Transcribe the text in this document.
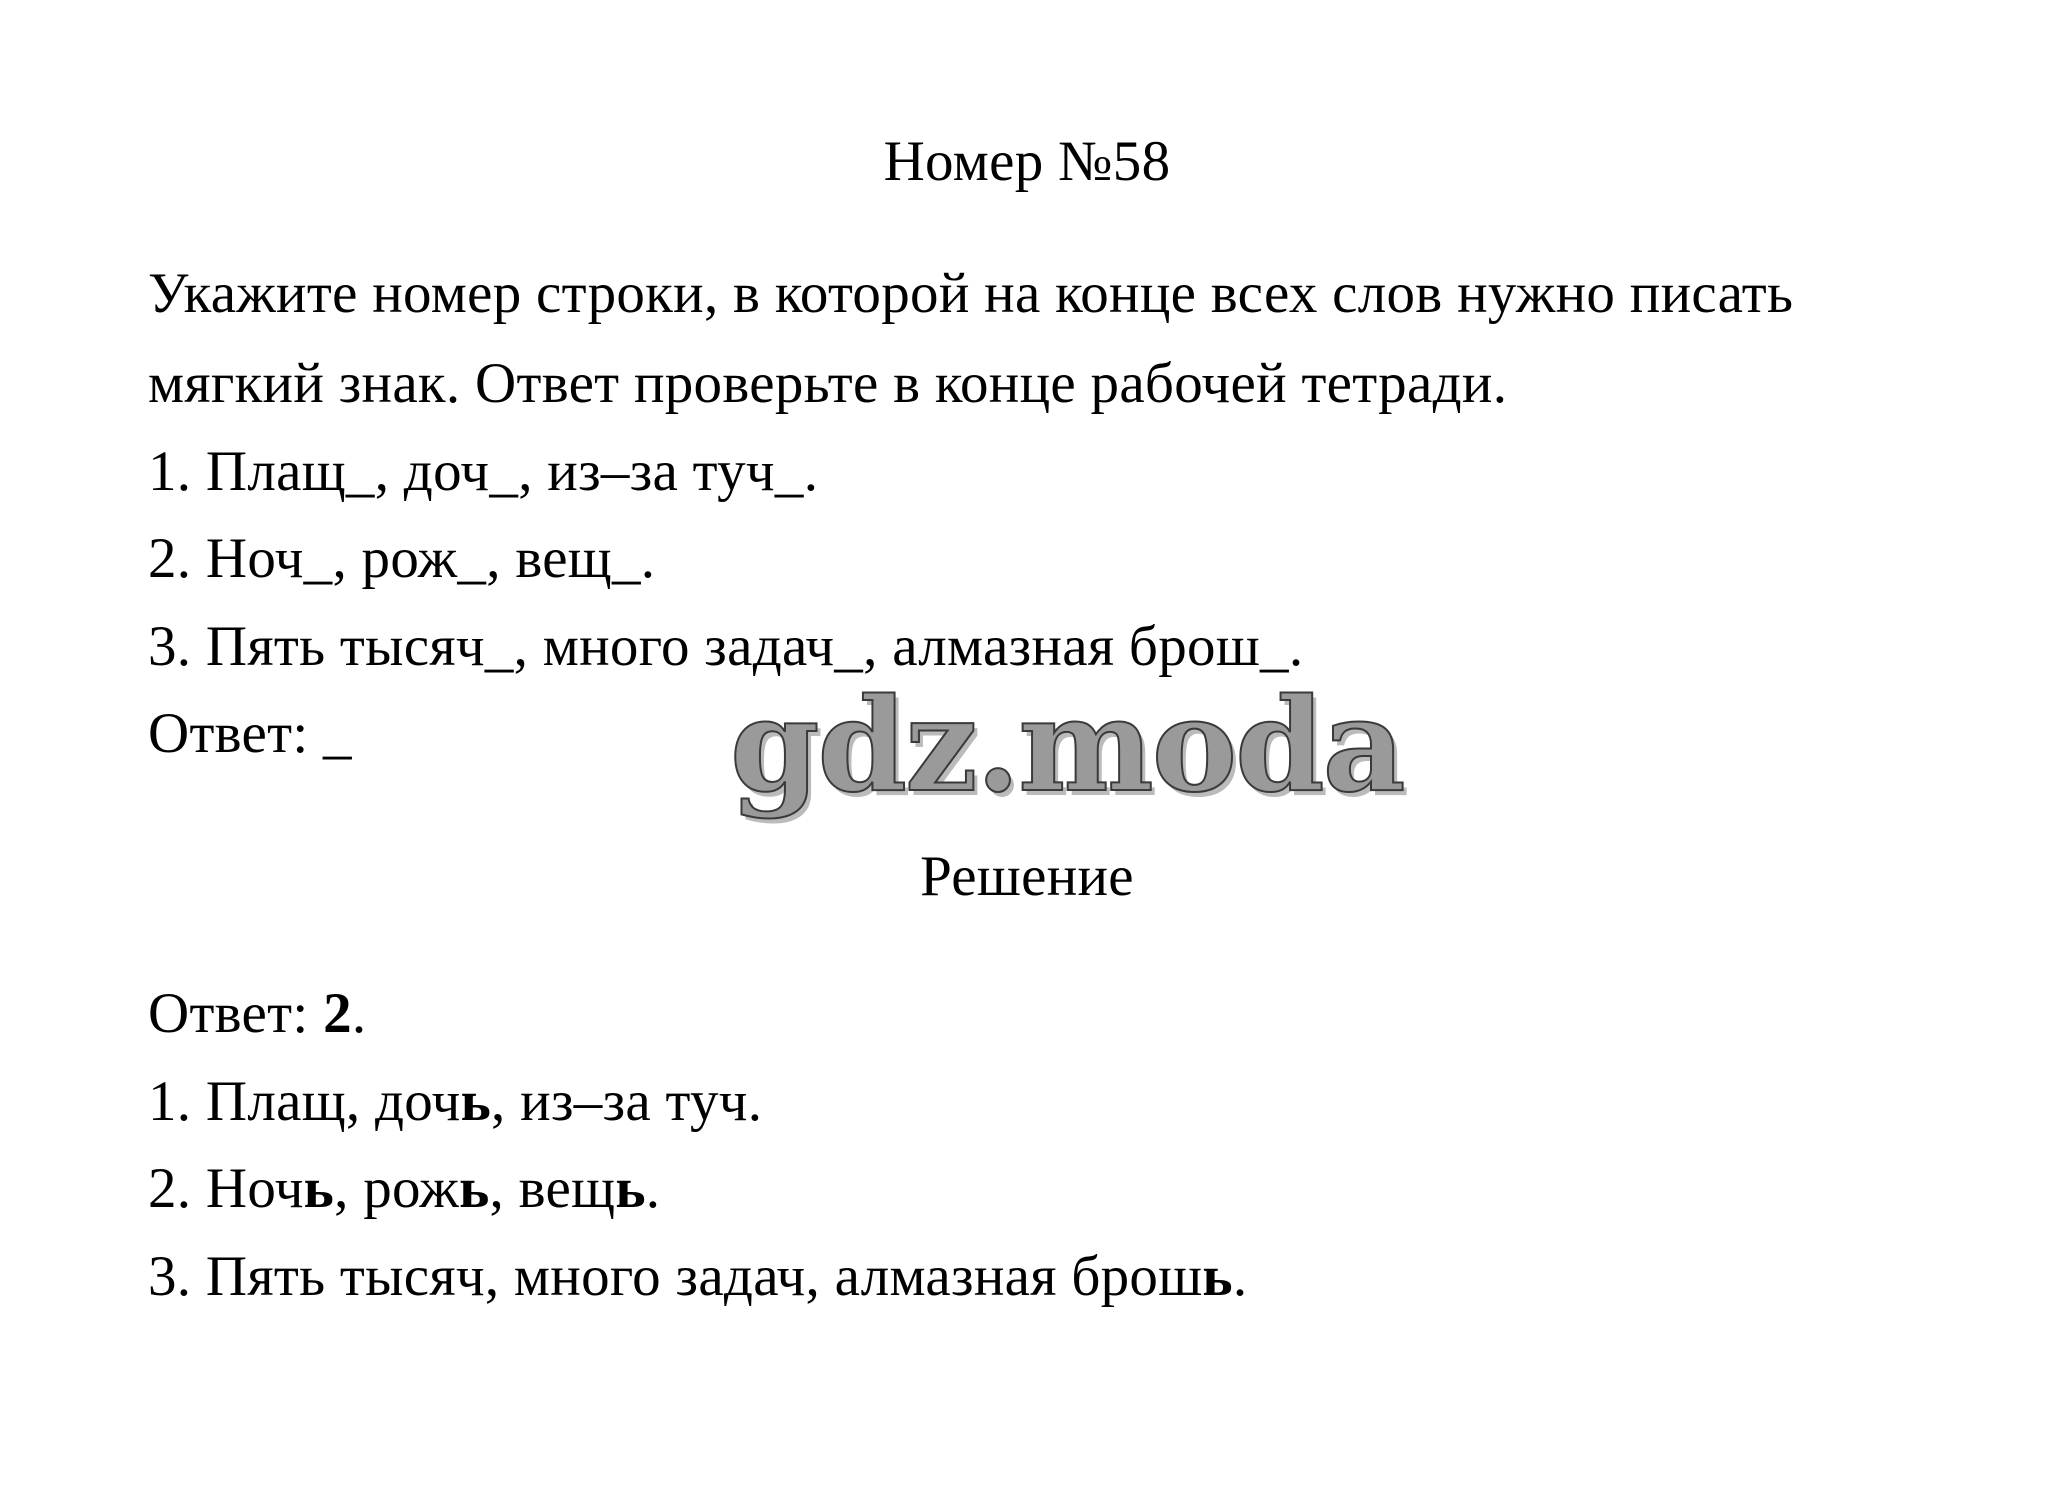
Номер №58
Укажите номер строки, в которой на конце всех слов нужно писать
мягкий знак. Ответ проверьте в конце рабочей тетради.
1. Плащ_, доч_, из–за туч_.
2. Ноч_, рож_, вещ_.
3. Пять тысяч_, много задач_, алмазная брош_.
Ответ: _	gdz.moda
Решение
Ответ: 2.
1. Плащ, дочь, из–за туч.
2. Ночь, рожь, вещь.
3. Пять тысяч, много задач, алмазная брошь.
